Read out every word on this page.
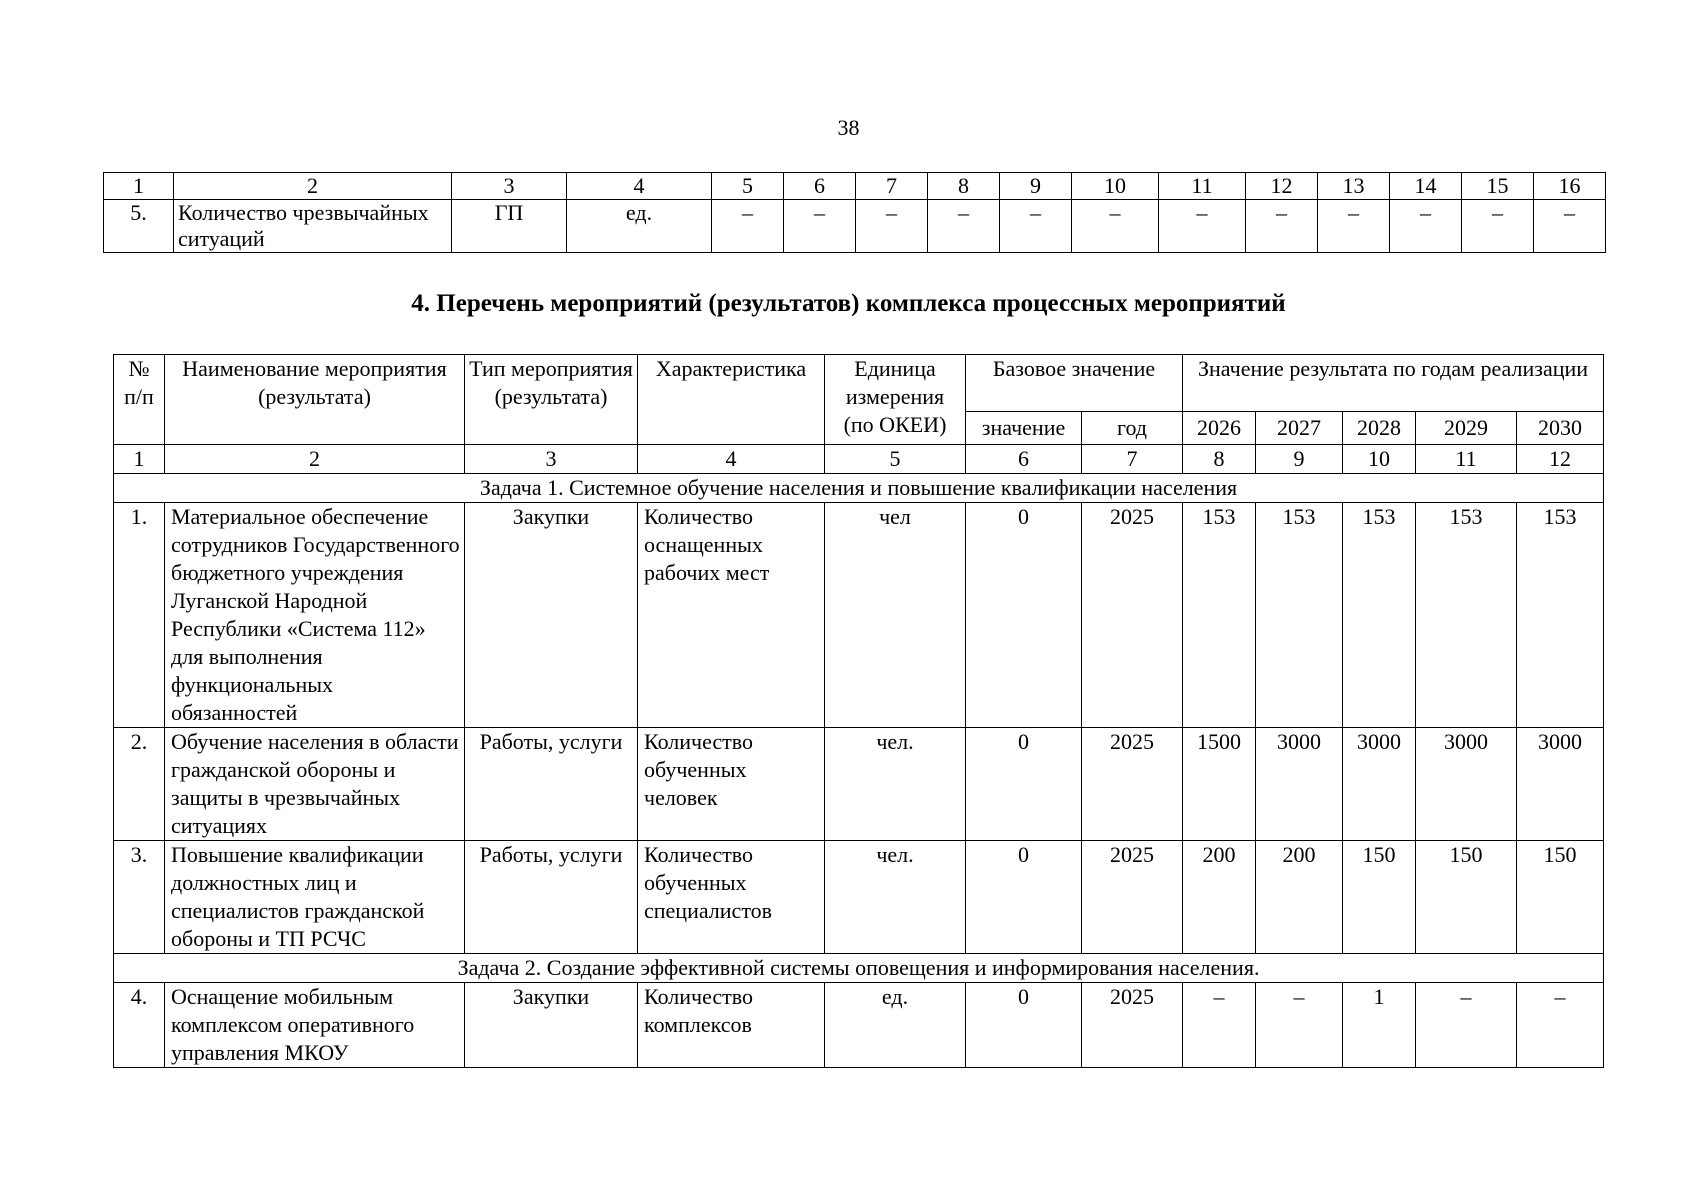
38
1	2	3	4	5	6	7	8	9	10	11	12	13	14	15	16
5.	Количество чрезвычайных ситуаций	ГП	ед.	–	–	–	–	–	–	–	–	–	–	–	–
4. Перечень мероприятий (результатов) комплекса процессных мероприятий
№ п/п	Наименование мероприятия (результата)	Тип мероприятия (результата)	Характеристика	Единица измерения (по ОКЕИ)	Базовое значение		Значение результата по годам реализации				
					значение	год	2026	2027	2028	2029	2030
1	2	3	4	5	6	7	8	9	10	11	12
Задача 1. Системное обучение населения и повышение квалификации населения											
1.	Материальное обеспечение сотрудников Государственного бюджетного учреждения Луганской Народной Республики «Система 112» для выполнения функциональных обязанностей	Закупки	Количество оснащенных рабочих мест	чел	0	2025	153	153	153	153	153
2.	Обучение населения в области гражданской обороны и защиты в чрезвычайных ситуациях	Работы, услуги	Количество обученных человек	чел.	0	2025	1500	3000	3000	3000	3000
3.	Повышение квалификации должностных лиц и специалистов гражданской обороны и ТП РСЧС	Работы, услуги	Количество обученных специалистов	чел.	0	2025	200	200	150	150	150
Задача 2. Создание эффективной системы оповещения и информирования населения.											
4.	Оснащение мобильным комплексом оперативного управления МКОУ	Закупки	Количество комплексов	ед.	0	2025	–	–	1	–	–
